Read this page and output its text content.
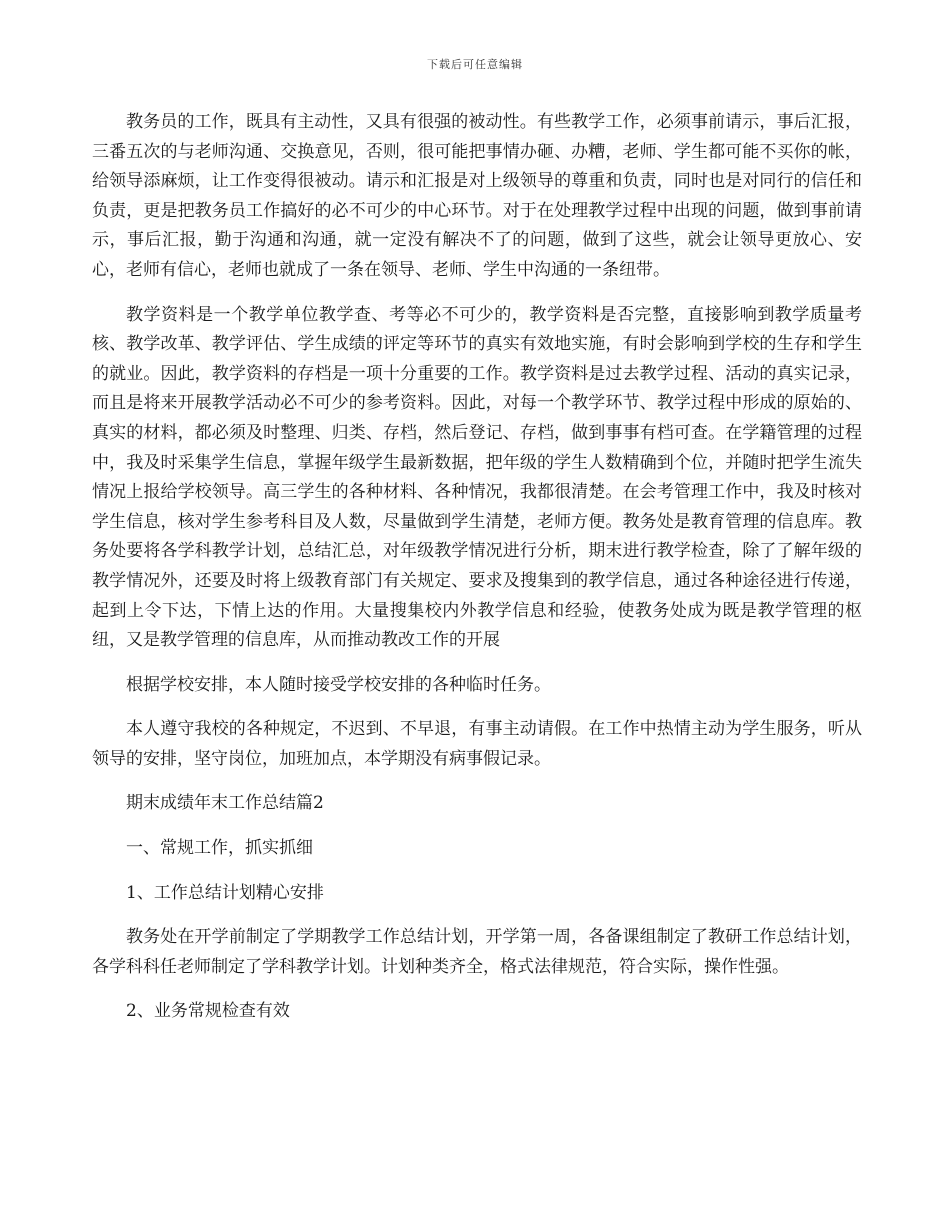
下载后可任意编辑

教务员的工作，既具有主动性，又具有很强的被动性。有些教学工作，必须事前请示，事后汇报，三番五次的与老师沟通、交换意见，否则，很可能把事情办砸、办糟，老师、学生都可能不买你的帐，给领导添麻烦，让工作变得很被动。请示和汇报是对上级领导的尊重和负责，同时也是对同行的信任和负责，更是把教务员工作搞好的必不可少的中心环节。对于在处理教学过程中出现的问题，做到事前请示，事后汇报，勤于沟通和沟通，就一定没有解决不了的问题，做到了这些，就会让领导更放心、安心，老师有信心，老师也就成了一条在领导、老师、学生中沟通的一条纽带。

教学资料是一个教学单位教学查、考等必不可少的，教学资料是否完整，直接影响到教学质量考核、教学改革、教学评估、学生成绩的评定等环节的真实有效地实施，有时会影响到学校的生存和学生的就业。因此，教学资料的存档是一项十分重要的工作。教学资料是过去教学过程、活动的真实记录，而且是将来开展教学活动必不可少的参考资料。因此，对每一个教学环节、教学过程中形成的原始的、真实的材料，都必须及时整理、归类、存档，然后登记、存档，做到事事有档可查。在学籍管理的过程中，我及时采集学生信息，掌握年级学生最新数据，把年级的学生人数精确到个位，并随时把学生流失情况上报给学校领导。高三学生的各种材料、各种情况，我都很清楚。在会考管理工作中，我及时核对学生信息，核对学生参考科目及人数，尽量做到学生清楚，老师方便。教务处是教育管理的信息库。教务处要将各学科教学计划，总结汇总，对年级教学情况进行分析，期末进行教学检查，除了了解年级的教学情况外，还要及时将上级教育部门有关规定、要求及搜集到的教学信息，通过各种途径进行传递，起到上令下达，下情上达的作用。大量搜集校内外教学信息和经验，使教务处成为既是教学管理的枢纽，又是教学管理的信息库，从而推动教改工作的开展

根据学校安排，本人随时接受学校安排的各种临时任务。

本人遵守我校的各种规定，不迟到、不早退，有事主动请假。在工作中热情主动为学生服务，听从领导的安排，坚守岗位，加班加点，本学期没有病事假记录。

期末成绩年末工作总结篇2

一、常规工作，抓实抓细

1、工作总结计划精心安排

教务处在开学前制定了学期教学工作总结计划，开学第一周，各备课组制定了教研工作总结计划，各学科科任老师制定了学科教学计划。计划种类齐全，格式法律规范，符合实际，操作性强。

2、业务常规检查有效
